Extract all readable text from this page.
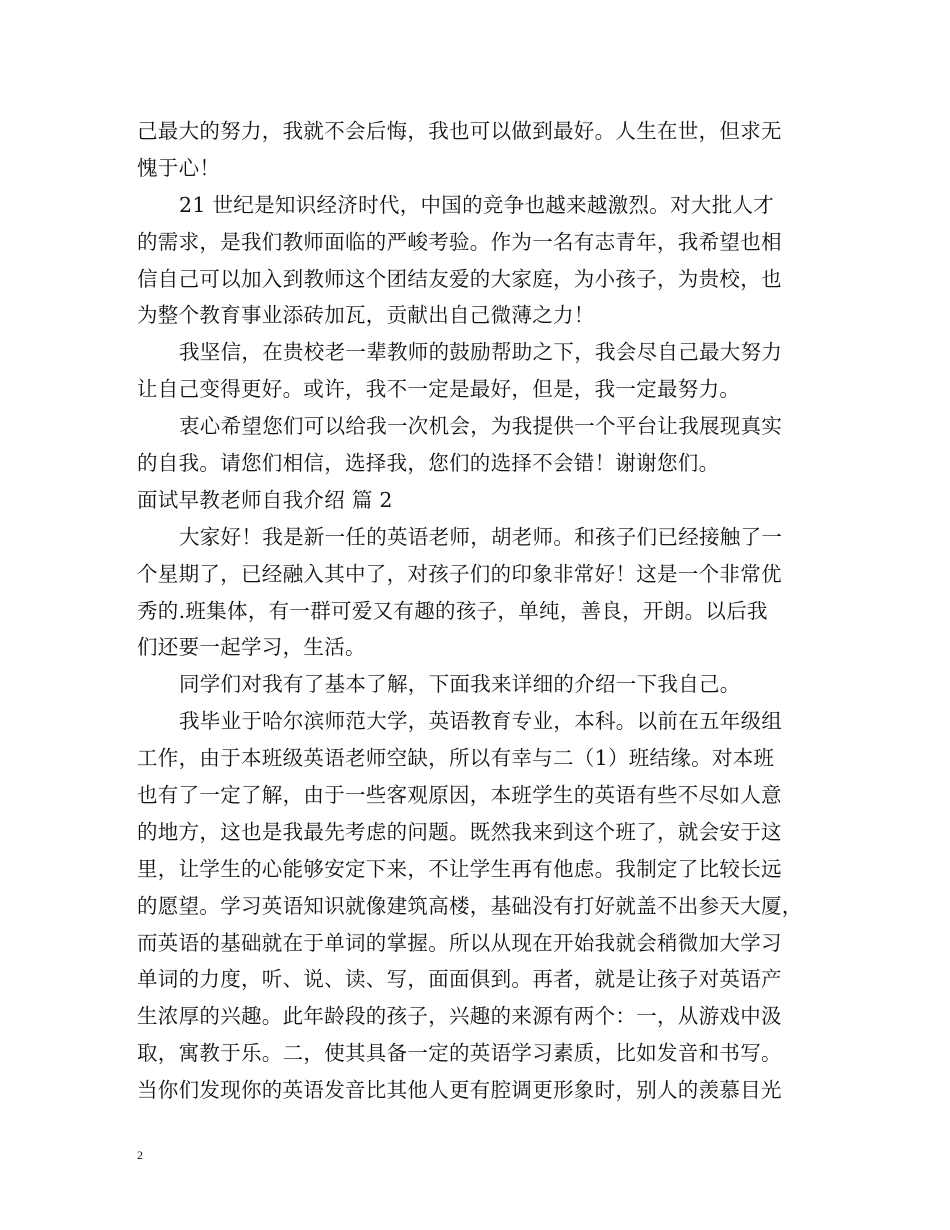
己最大的努力，我就不会后悔，我也可以做到最好。人生在世，但求无
愧于心！
21 世纪是知识经济时代，中国的竞争也越来越激烈。对大批人才
的需求，是我们教师面临的严峻考验。作为一名有志青年，我希望也相
信自己可以加入到教师这个团结友爱的大家庭，为小孩子，为贵校，也
为整个教育事业添砖加瓦，贡献出自己微薄之力！
我坚信，在贵校老一辈教师的鼓励帮助之下，我会尽自己最大努力
让自己变得更好。或许，我不一定是最好，但是，我一定最努力。
衷心希望您们可以给我一次机会，为我提供一个平台让我展现真实
的自我。请您们相信，选择我，您们的选择不会错！谢谢您们。
面试早教老师自我介绍 篇 2
大家好！我是新一任的英语老师，胡老师。和孩子们已经接触了一
个星期了，已经融入其中了，对孩子们的印象非常好！这是一个非常优
秀的.班集体，有一群可爱又有趣的孩子，单纯，善良，开朗。以后我
们还要一起学习，生活。
同学们对我有了基本了解，下面我来详细的介绍一下我自己。
我毕业于哈尔滨师范大学，英语教育专业，本科。以前在五年级组
工作，由于本班级英语老师空缺，所以有幸与二（1）班结缘。对本班
也有了一定了解，由于一些客观原因，本班学生的英语有些不尽如人意
的地方，这也是我最先考虑的问题。既然我来到这个班了，就会安于这
里，让学生的心能够安定下来，不让学生再有他虑。我制定了比较长远
的愿望。学习英语知识就像建筑高楼，基础没有打好就盖不出参天大厦，
而英语的基础就在于单词的掌握。所以从现在开始我就会稍微加大学习
单词的力度，听、说、读、写，面面俱到。再者，就是让孩子对英语产
生浓厚的兴趣。此年龄段的孩子，兴趣的来源有两个：一，从游戏中汲
取，寓教于乐。二，使其具备一定的英语学习素质，比如发音和书写。
当你们发现你的英语发音比其他人更有腔调更形象时，别人的羡慕目光
2
